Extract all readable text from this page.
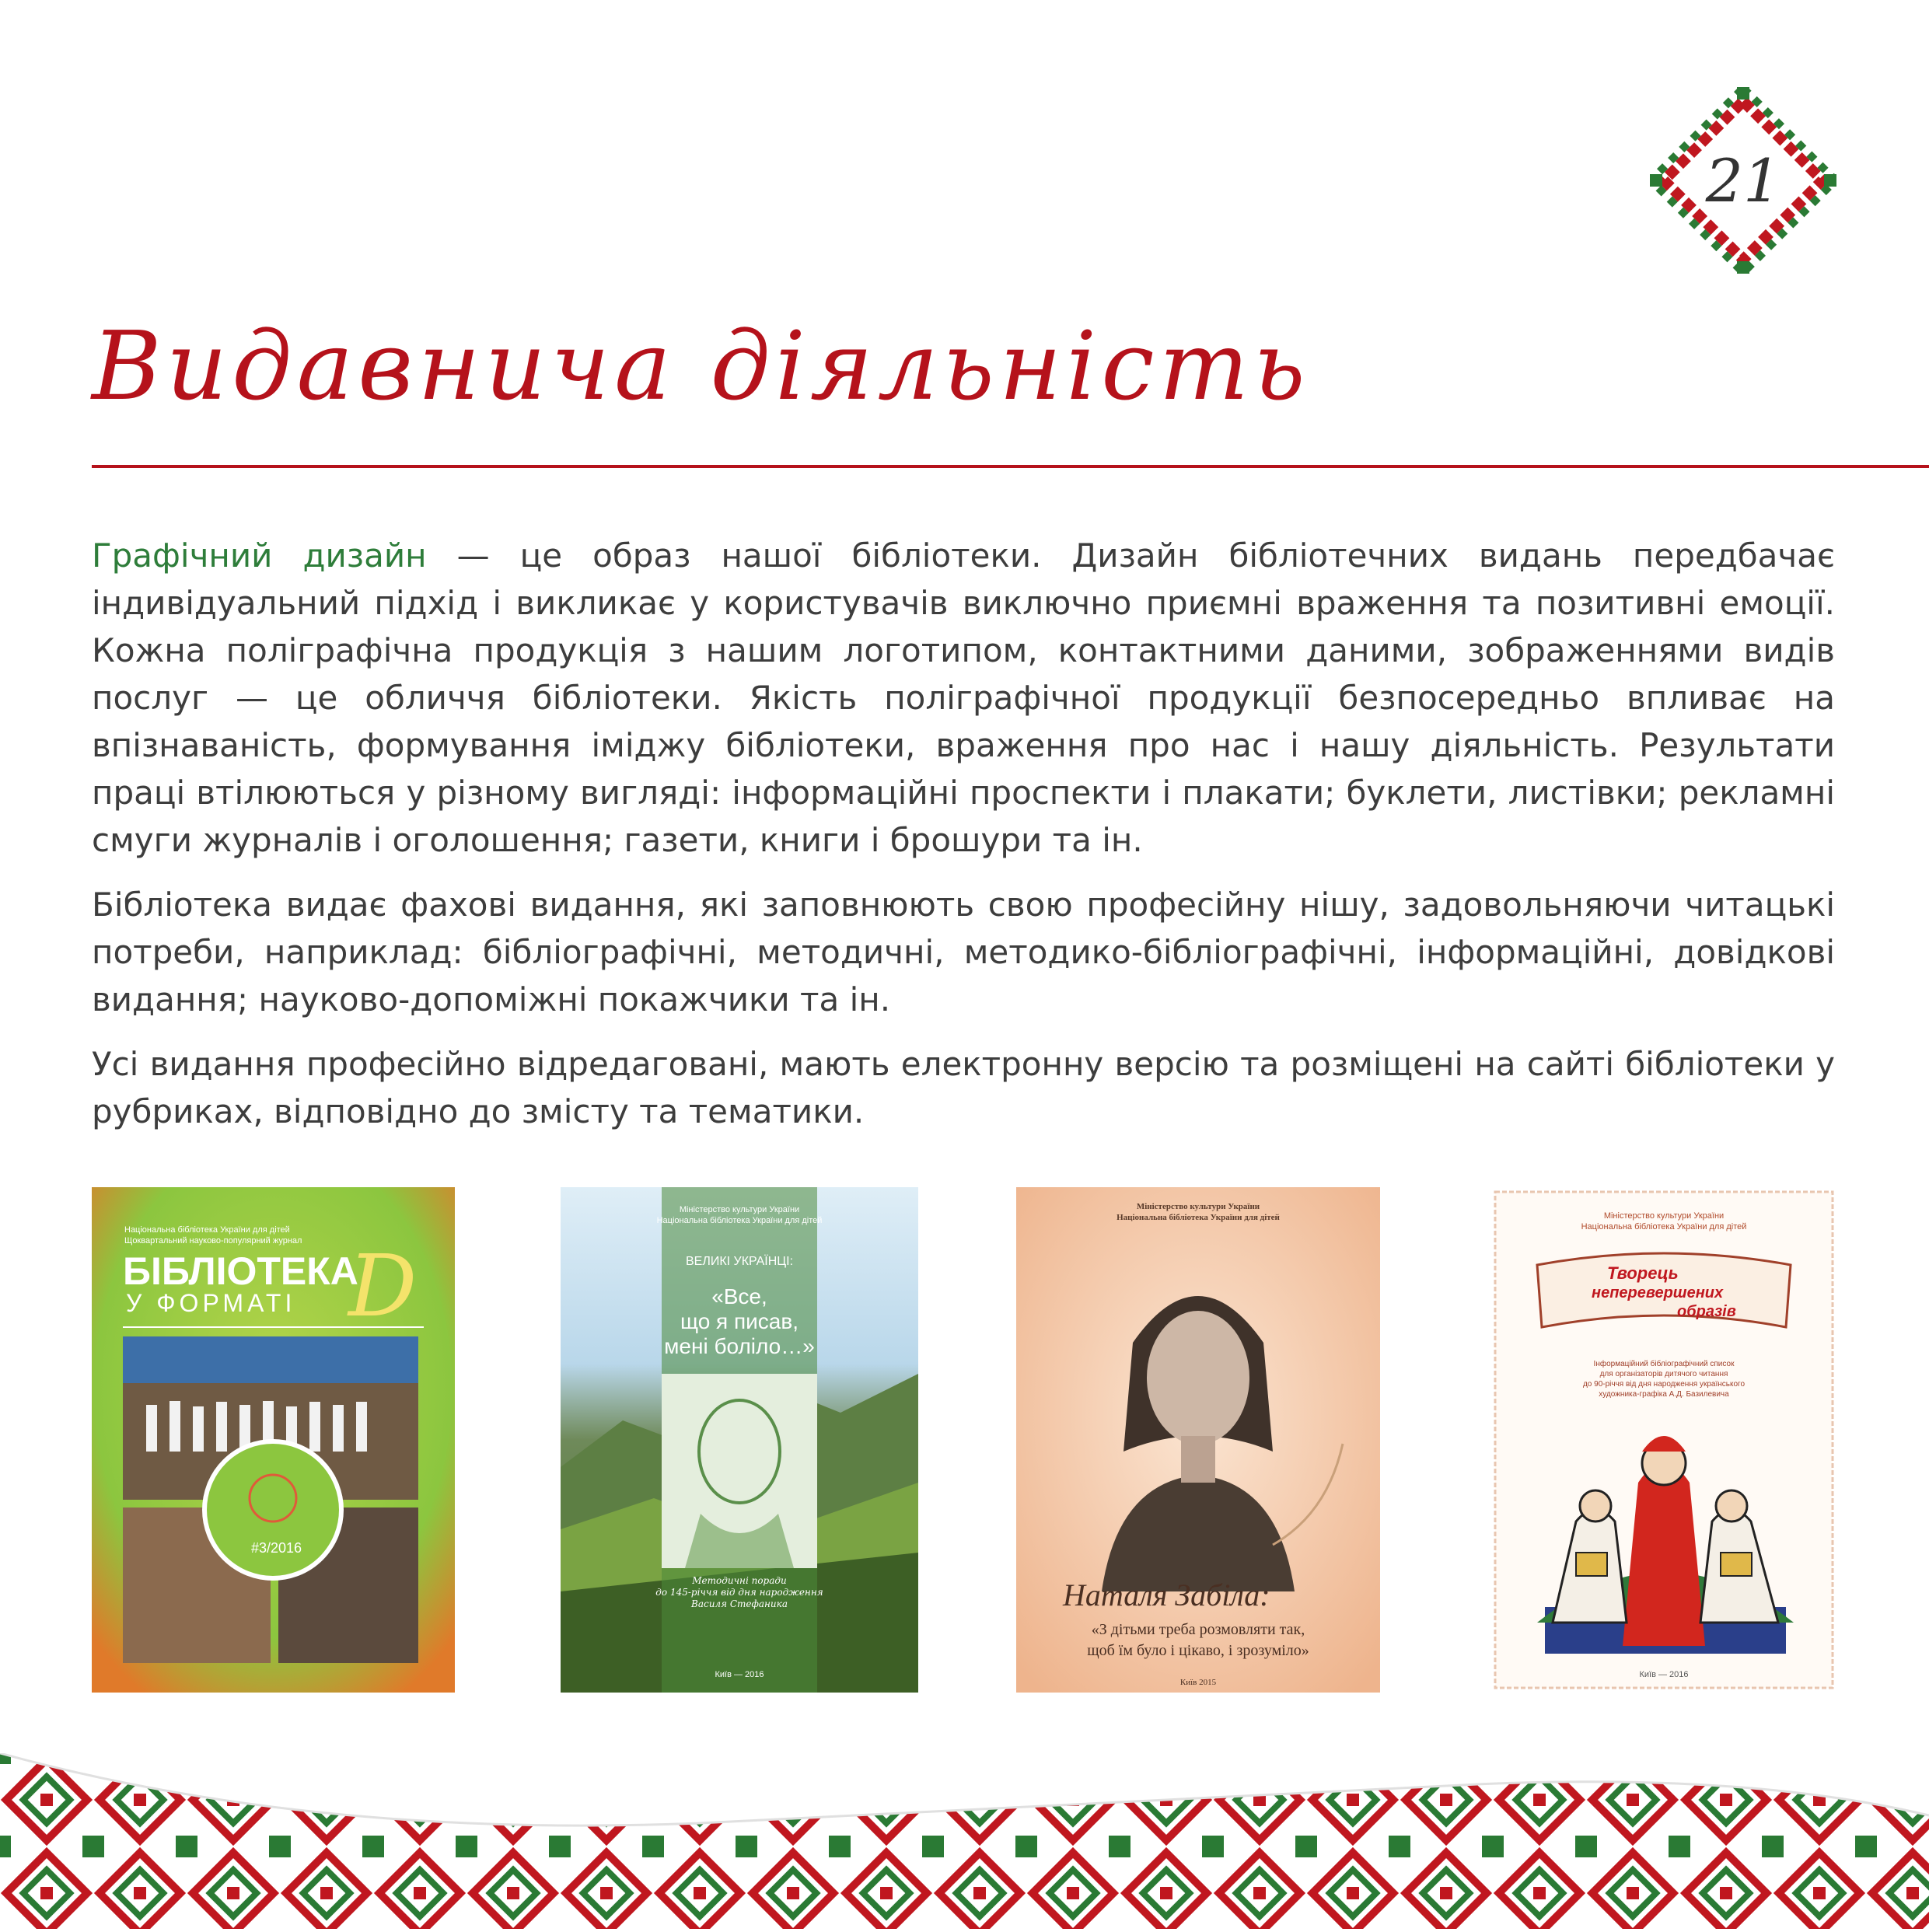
21
Видавнича діяльність

Графічний дизайн — це образ нашої бібліотеки. Дизайн бібліотечних видань передбачає індивідуальний підхід і викликає у користувачів виключно приємні враження та позитивні емоції. Кожна поліграфічна продукція з нашим логотипом, контактними даними, зображеннями видів послуг — це обличчя бібліотеки. Якість поліграфічної продукції безпосередньо впливає на впізнаваність, формування іміджу бібліотеки, враження про нас і нашу діяльність. Результати праці втілюються у різному вигляді: інформаційні проспекти і плакати; буклети, листівки; рекламні смуги журналів і оголошення; газети, книги і брошури та ін.

Бібліотека видає фахові видання, які заповнюють свою професійну нішу, задовольняючи читацькі потреби, наприклад: бібліографічні, методичні, методико-бібліографічні, інформаційні, довідкові видання; науково-допоміжні покажчики та ін.

Усі видання професійно відредаговані, мають електронну версію та розміщені на сайті бібліотеки у рубриках, відповідно до змісту та тематики.

Національна бібліотека України для дітей
Щоквартальний науково-популярний журнал
БІБЛІОТЕКА
У ФОРМАТІ D
#3/2016
Міністерство культури України
Національна бібліотека України для дітей
ВЕЛИКІ УКРАЇНЦІ:
«Все,
що я писав,
мені боліло…»
Методичні поради
до 145-річчя від дня народження
Василя Стефаника
Київ — 2016
Міністерство культури України
Національна бібліотека України для дітей
Наталя Забіла:
«З дітьми треба розмовляти так,
щоб їм було і цікаво, і зрозуміло»
Київ 2015
Міністерство культури України
Національна бібліотека України для дітей
Творець
неперевершених
образів
Інформаційний бібліографічний список
для організаторів дитячого читання
до 90-річчя від дня народження українського
художника-графіка А.Д. Базилевича
Київ — 2016
